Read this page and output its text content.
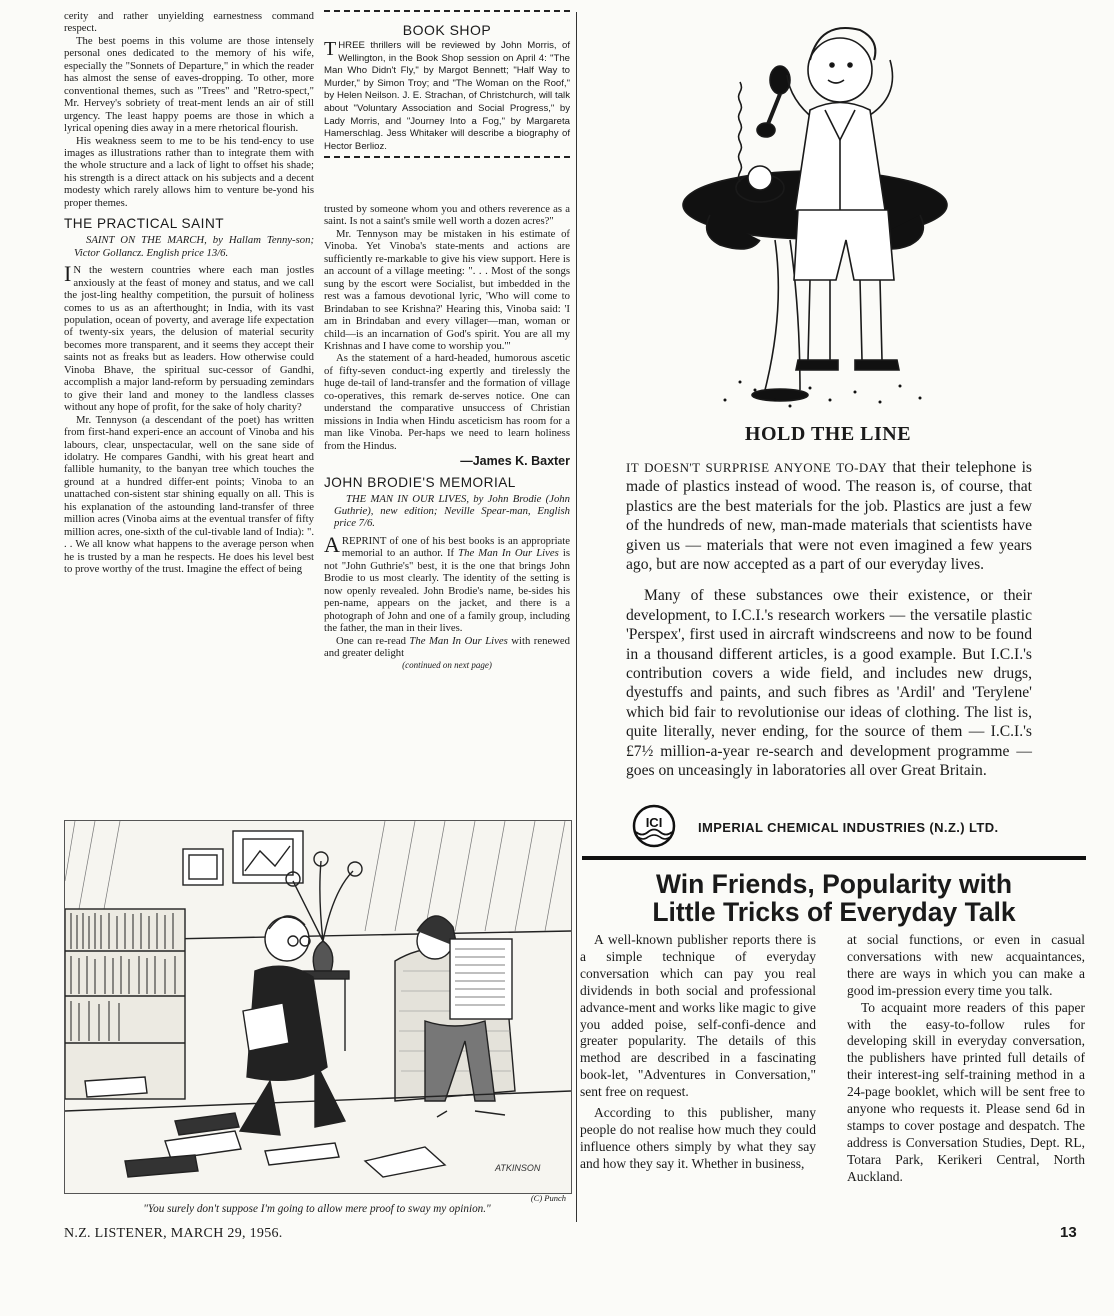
cerity and rather unyielding earnestness command respect.

The best poems in this volume are those intensely personal ones dedicated to the memory of his wife, especially the "Sonnets of Departure," in which the reader has almost the sense of eaves-dropping. To other, more conventional themes, such as "Trees" and "Retro-spect," Mr. Hervey's sobriety of treat-ment lends an air of still urgency. The least happy poems are those in which a lyrical opening dies away in a mere rhetorical flourish.

His weakness seem to me to be his tend-ency to use images as illustrations rather than to integrate them with the whole structure and a lack of light to offset his shade; his strength is a direct attack on his subjects and a decent modesty which rarely allows him to venture be-yond his proper themes.

THE PRACTICAL SAINT

SAINT ON THE MARCH, by Hallam Tenny-son; Victor Gollancz. English price 13/6.

I N the western countries where each man jostles anxiously at the feast of money and status, and we call the jost-ling healthy competition, the pursuit of holiness comes to us as an afterthought; in India, with its vast population, ocean of poverty, and average life expectation of twenty-six years, the delusion of material security becomes more transparent, and it seems they accept their saints not as freaks but as leaders. How otherwise could Vinoba Bhave, the spiritual suc-cessor of Gandhi, accomplish a major land-reform by persuading zemindars to give their land and money to the landless classes without any hope of profit, for the sake of holy charity?

Mr. Tennyson (a descendant of the poet) has written from first-hand experi-ence an account of Vinoba and his labours, clear, unspectacular, well on the sane side of idolatry. He compares Gandhi, with his great heart and fallible humanity, to the banyan tree which touches the ground at a hundred differ-ent points; Vinoba to an unattached con-sistent star shining equally on all. This is his explanation of the astounding land-transfer of three million acres (Vinoba aims at the eventual transfer of fifty million acres, one-sixth of the cul-tivable land of India): ". . . We all know what happens to the average person when he is trusted by a man he respects. He does his level best to prove worthy of the trust. Imagine the effect of being

BOOK SHOP

THREE thrillers will be reviewed by John Morris, of Wellington, in the Book Shop session on April 4: "The Man Who Didn't Fly," by Margot Bennett; "Half Way to Murder," by Simon Troy; and "The Woman on the Roof," by Helen Neilson. J. E. Strachan, of Christchurch, will talk about "Voluntary Association and Social Progress," by Lady Morris, and "Journey Into a Fog," by Margareta Hamerschlag. Jess Whitaker will describe a biography of Hector Berlioz.

trusted by someone whom you and others reverence as a saint. Is not a saint's smile well worth a dozen acres?"

Mr. Tennyson may be mistaken in his estimate of Vinoba. Yet Vinoba's state-ments and actions are sufficiently re-markable to give his view support. Here is an account of a village meeting: ". . . Most of the songs sung by the escort were Socialist, but imbedded in the rest was a famous devotional lyric, 'Who will come to Brindaban to see Krishna?' Hearing this, Vinoba said: 'I am in Brindaban and every villager—man, woman or child—is an incarnation of God's spirit. You are all my Krishnas and I have come to worship you.'"

As the statement of a hard-headed, humorous ascetic of fifty-seven conduct-ing expertly and tirelessly the huge de-tail of land-transfer and the formation of village co-operatives, this remark de-serves notice. One can understand the comparative unsuccess of Christian missions in India when Hindu asceticism has room for a man like Vinoba. Per-haps we need to learn holiness from the Hindus.

—James K. Baxter

JOHN BRODIE'S MEMORIAL

THE MAN IN OUR LIVES, by John Brodie (John Guthrie), new edition; Neville Spear-man, English price 7/6.

AREPRINT of one of his best books is an appropriate memorial to an author. If The Man In Our Lives is not "John Guthrie's" best, it is the one that brings John Brodie to us most clearly. The identity of the setting is now openly revealed. John Brodie's name, be-sides his pen-name, appears on the jacket, and there is a photograph of John and one of a family group, including the father, the man in their lives.

One can re-read The Man In Our Lives with renewed and greater delight

(continued on next page)

ATKINSON
(C) Punch
"You surely don't suppose I'm going to allow mere proof to sway my opinion."
N.Z. LISTENER, MARCH 29, 1956.	13
HOLD THE LINE

IT DOESN'T SURPRISE ANYONE TO-DAY that their telephone is made of plastics instead of wood. The reason is, of course, that plastics are the best materials for the job. Plastics are just a few of the hundreds of new, man-made materials that scientists have given us — materials that were not even imagined a few years ago, but are now accepted as a part of our everyday lives.

Many of these substances owe their existence, or their development, to I.C.I.'s research workers — the versatile plastic 'Perspex', first used in aircraft windscreens and now to be found in a thousand different articles, is a good example. But I.C.I.'s contribution covers a wide field, and includes new drugs, dyestuffs and paints, and such fibres as 'Ardil' and 'Terylene' which bid fair to revolutionise our ideas of clothing. The list is, quite literally, never ending, for the source of them — I.C.I.'s £7½ million-a-year re-search and development programme — goes on unceasingly in laboratories all over Great Britain.

ICI	IMPERIAL CHEMICAL INDUSTRIES (N.Z.) LTD.
Win Friends, Popularity with
Little Tricks of Everyday Talk

A well-known publisher reports there is a simple technique of everyday conversation which can pay you real dividends in both social and professional advance-ment and works like magic to give you added poise, self-confi-dence and greater popularity. The details of this method are described in a fascinating book-let, "Adventures in Conversation," sent free on request.

According to this publisher, many people do not realise how much they could influence others simply by what they say and how they say it. Whether in business,

at social functions, or even in casual conversations with new acquaintances, there are ways in which you can make a good im-pression every time you talk.

To acquaint more readers of this paper with the easy-to-follow rules for developing skill in everyday conversation, the publishers have printed full details of their interest-ing self-training method in a 24-page booklet, which will be sent free to anyone who requests it. Please send 6d in stamps to cover postage and despatch. The address is Conversation Studies, Dept. RL, Totara Park, Kerikeri Central, North Auckland.
